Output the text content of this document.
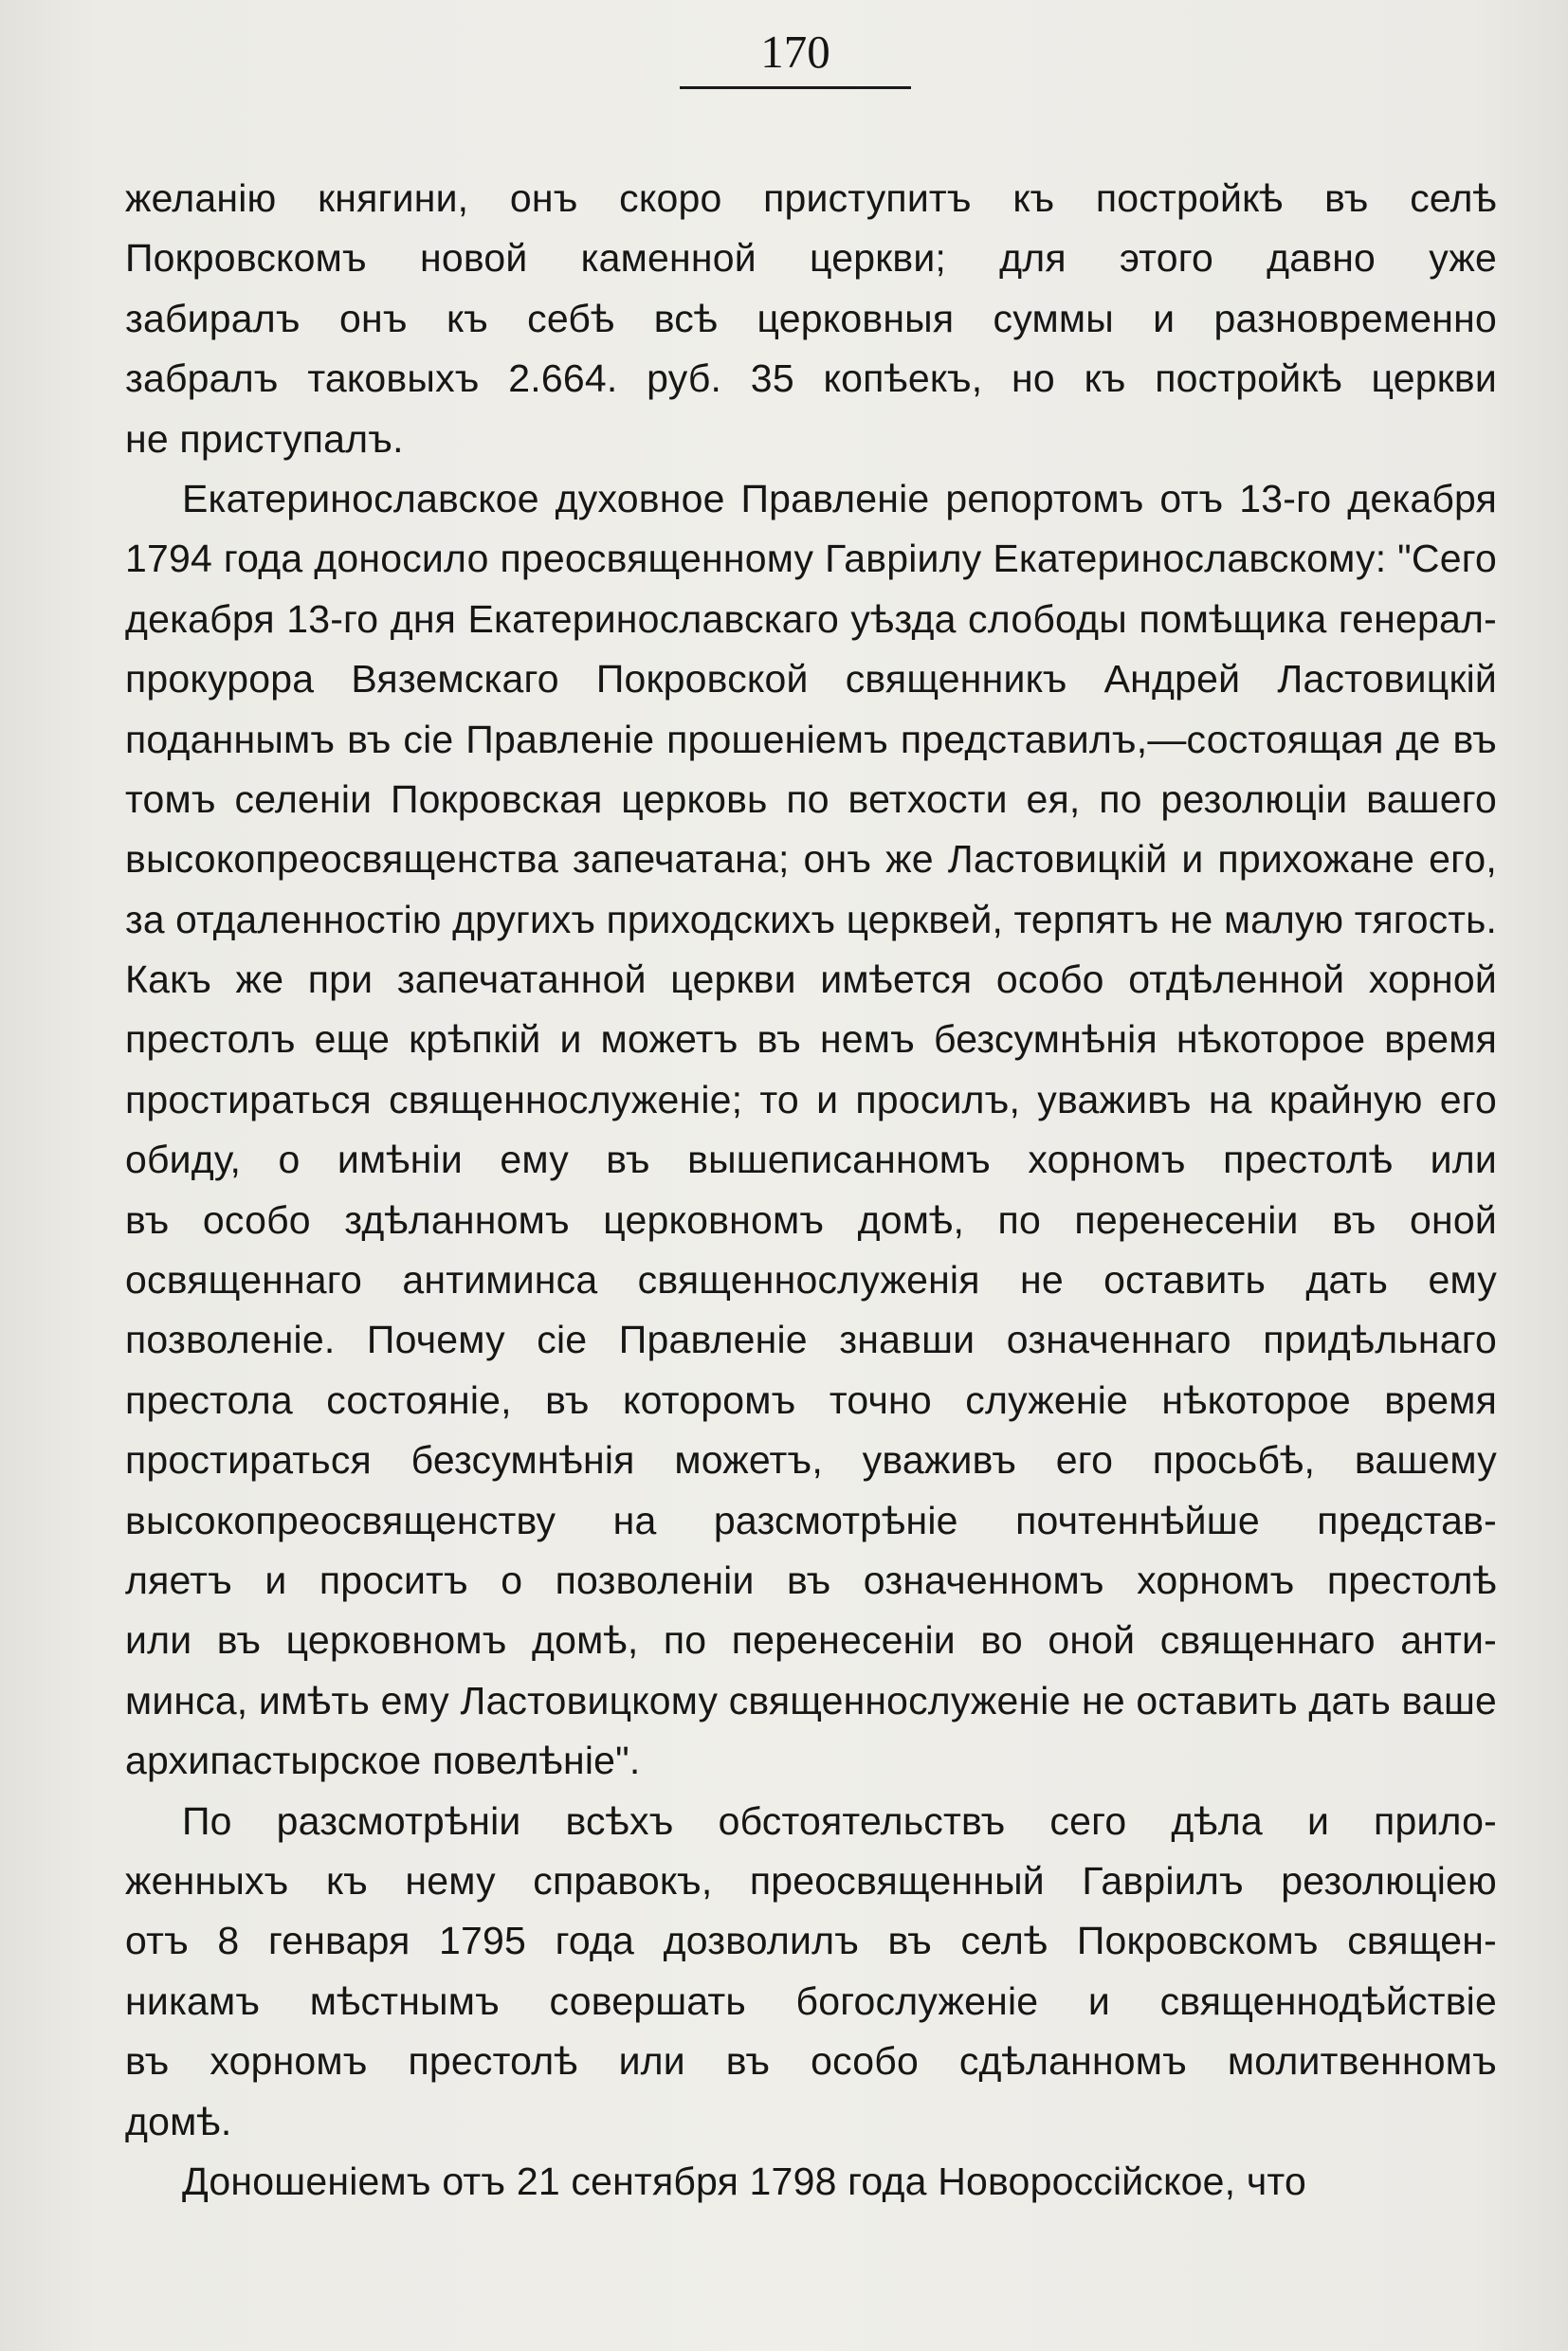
170
желанію княгини, онъ скоро приступитъ къ постройкѣ въ селѣ
Покровскомъ новой каменной церкви; для этого давно уже
забиралъ онъ къ себѣ всѣ церковныя суммы и разновременно
забралъ таковыхъ 2.664. руб. 35 копѣекъ, но къ постройкѣ церкви
не приступалъ.
Екатеринославское духовное Правленіе репортомъ отъ 13-го декабря
1794 года доносило преосвященному Гавріилу Екатеринославскому: "Сего
декабря 13-го дня Екатеринославскаго уѣзда слободы помѣщика генерал-
прокурора Вяземскаго Покровской священникъ Андрей Ластовицкій
поданнымъ въ сіе Правленіе прошеніемъ представилъ,—состоящая де въ
томъ селеніи Покровская церковь по ветхости ея, по резолюціи вашего
высокопреосвященства запечатана; онъ же Ластовицкій и прихожане его,
за отдаленностію другихъ приходскихъ церквей, терпятъ не малую тягость.
Какъ же при запечатанной церкви имѣется особо отдѣленной хорной
престолъ еще крѣпкій и можетъ въ немъ безсумнѣнія нѣкоторое время
простираться священнослуженіе; то и просилъ, уваживъ на крайную его
обиду, о имѣніи ему въ вышеписанномъ хорномъ престолѣ или
въ особо здѣланномъ церковномъ домѣ, по перенесеніи въ оной
освященнаго антиминса священнослуженія не оставить дать ему
позволеніе. Почему сіе Правленіе знавши означеннаго придѣльнаго
престола состояніе, въ которомъ точно служеніе нѣкоторое время
простираться безсумнѣнія можетъ, уваживъ его просьбѣ, вашему
высокопреосвященству на разсмотрѣніе почтеннѣйше представ-
ляетъ и проситъ о позволеніи въ означенномъ хорномъ престолѣ
или въ церковномъ домѣ, по перенесеніи во оной священнаго анти-
минса, имѣть ему Ластовицкому священнослуженіе не оставить дать ваше
архипастырское повелѣніе".
По разсмотрѣніи всѣхъ обстоятельствъ сего дѣла и прило-
женныхъ къ нему справокъ, преосвященный Гавріилъ резолюціею
отъ 8 генваря 1795 года дозволилъ въ селѣ Покровскомъ священ-
никамъ мѣстнымъ совершать богослуженіе и священнодѣйствіе
въ хорномъ престолѣ или въ особо сдѣланномъ молитвенномъ
домѣ.
Доношеніемъ отъ 21 сентября 1798 года Новороссійское, что
